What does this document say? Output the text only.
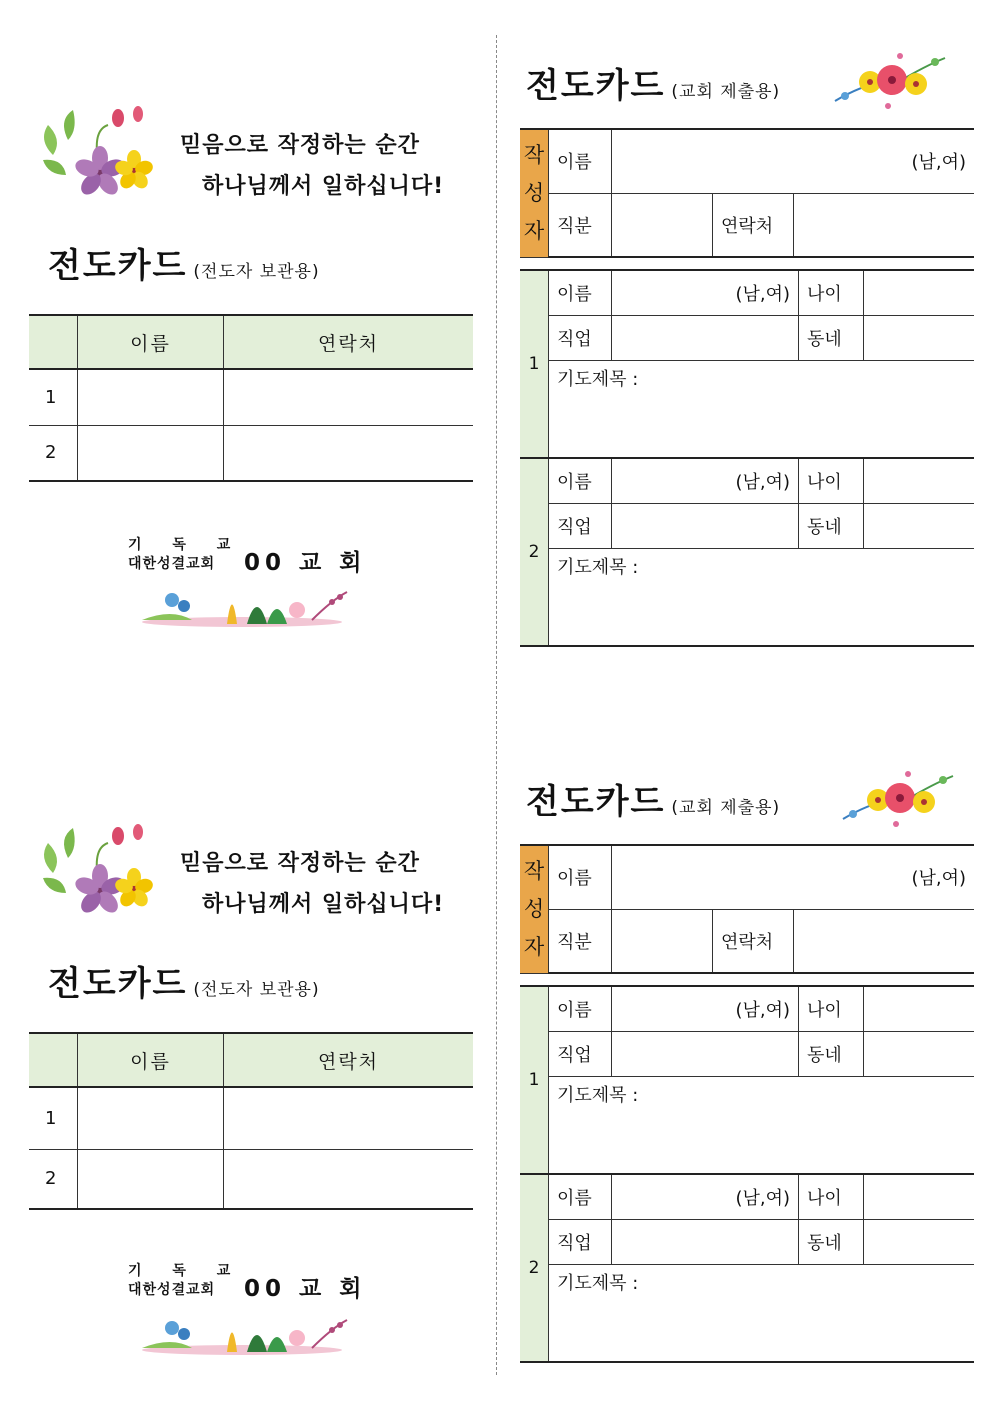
믿음으로 작정하는 순간
하나님께서 일하십니다!
전도카드 (전도자 보관용)
	이름	연락처
1		
2		
기 독 교
대한성결교회	00 교 회
믿음으로 작정하는 순간
하나님께서 일하십니다!
전도카드 (전도자 보관용)
	이름	연락처
1		
2		
기 독 교
대한성결교회	00 교 회
전도카드 (교회 제출용)
작
성
자	이름	(남,여)		
	직분		연락처	
1	이름	(남,여)	나이	
	직업		동네	
	기도제목 :			
2	이름	(남,여)	나이	
	직업		동네	
	기도제목 :			
전도카드 (교회 제출용)
작
성
자	이름	(남,여)		
	직분		연락처	
1	이름	(남,여)	나이	
	직업		동네	
	기도제목 :			
2	이름	(남,여)	나이	
	직업		동네	
	기도제목 :			
